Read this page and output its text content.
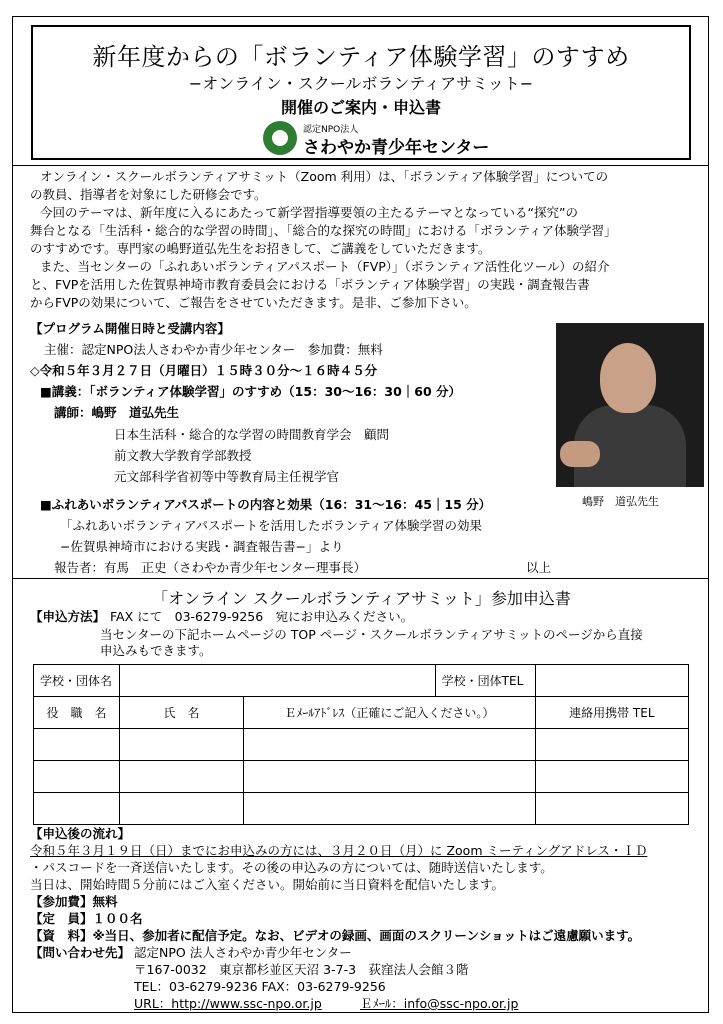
新年度からの「ボランティア体験学習」のすすめ
−オンライン・スクールボランティアサミット−
開催のご案内・申込書
認定NPO法人
さわやか青少年センター
オンライン・スクールボランティアサミット（Zoom 利用）は、「ボランティア体験学習」についての
の教員、指導者を対象にした研修会です。
今回のテーマは、新年度に入るにあたって新学習指導要領の主たるテーマとなっている“探究”の
舞台となる「生活科・総合的な学習の時間」、「総合的な探究の時間」における「ボランティア体験学習」
のすすめです。専門家の嶋野道弘先生をお招きして、ご講義をしていただきます。
また、当センターの「ふれあいボランティアパスポート（FVP）」（ボランティア活性化ツール）の紹介
と、FVPを活用した佐賀県神埼市教育委員会における「ボランティア体験学習」の実践・調査報告書
からFVPの効果について、ご報告をさせていただきます。是非、ご参加下さい。
【プログラム開催日時と受講内容】
主催：認定NPO法人さわやか青少年センター　参加費：無料
◇令和５年３月２７日（月曜日）１５時３０分〜１６時４５分
■講義：「ボランティア体験学習」のすすめ（15：30〜16：30｜60 分）
講師：嶋野　道弘先生
日本生活科・総合的な学習の時間教育学会　顧問
前文教大学教育学部教授
元文部科学省初等中等教育局主任視学官
嶋野　道弘先生
■ふれあいボランティアパスポートの内容と効果（16：31〜16：45｜15 分）
「ふれあいボランティアパスポートを活用したボランティア体験学習の効果
−佐賀県神埼市における実践・調査報告書−」より
報告者：有馬　正史（さわやか青少年センター理事長）	以上
「オンライン スクールボランティアサミット」参加申込書
【申込方法】 FAX にて　03-6279-9256　宛にお申込みください。
当センターの下記ホームページの TOP ページ・スクールボランティアサミットのページから直接
申込みもできます。
学校・団体名			学校・団体TEL	
役　職　名	氏　名	Ｅﾒｰﾙｱﾄﾞﾚｽ（正確にご記入ください。）		連絡用携帯 TEL

【申込後の流れ】
令和５年３月１９日（日）までにお申込みの方には、３月２０日（月）に Zoom ミーティングアドレス・ＩＤ
・パスコードを一斉送信いたします。その後の申込みの方については、随時送信いたします。
当日は、開始時間５分前にはご入室ください。開始前に当日資料を配信いたします。
【参加費】無料
【定　員】１００名
【資　料】※当日、参加者に配信予定。なお、ビデオの録画、画面のスクリーンショットはご遠慮願います。
【問い合わせ先】 認定NPO 法人さわやか青少年センター
〒167-0032　東京都杉並区天沼 3-7-3　荻窪法人会館３階
TEL：03-6279-9236 FAX：03-6279-9256
URL：http://www.ssc-npo.or.jp	Ｅﾒｰﾙ：info@ssc-npo.or.jp
